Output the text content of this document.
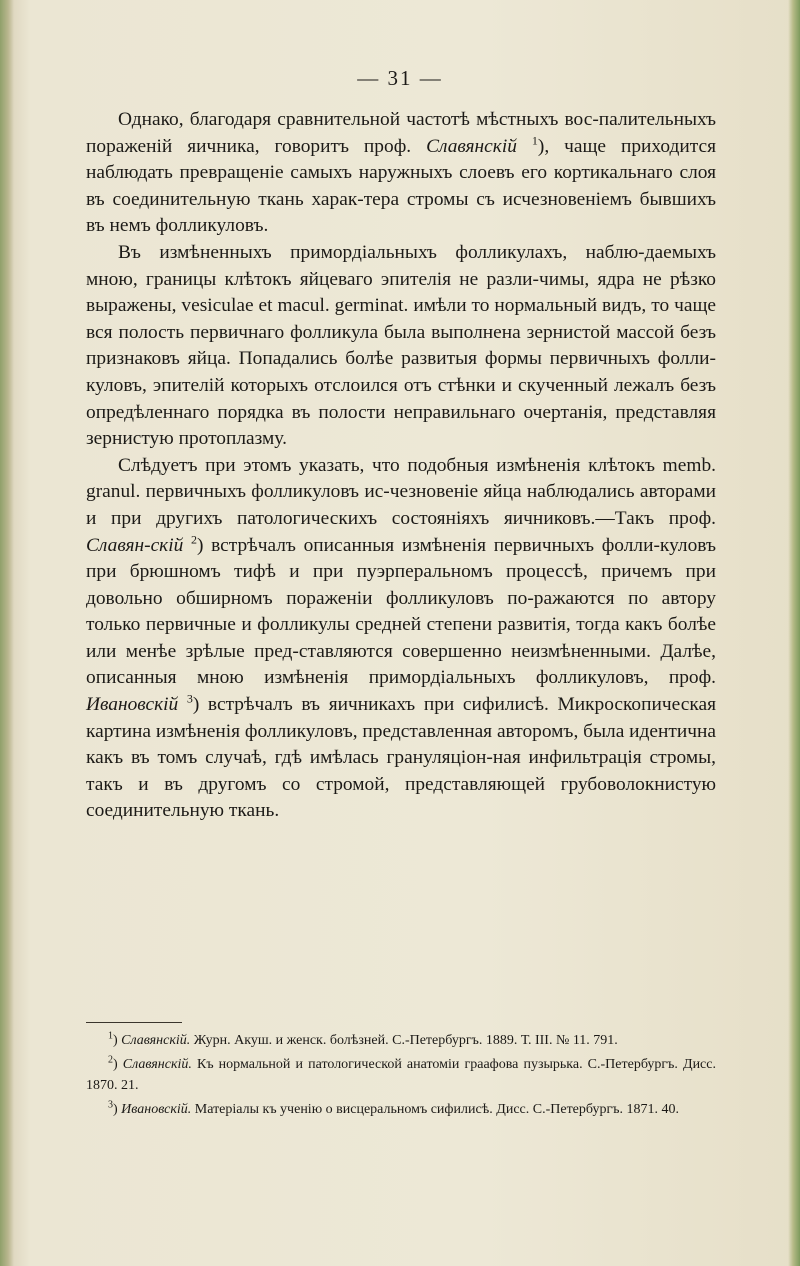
— 31 —

Однако, благодаря сравнительной частотѣ мѣстныхъ вос-палительныхъ пораженій яичника, говоритъ проф. Славянскій $^1$), чаще приходится наблюдать превращеніе самыхъ наружныхъ слоевъ его кортикальнаго слоя въ соединительную ткань харак-тера стромы съ исчезновеніемъ бывшихъ въ немъ фолликуловъ.

Въ измѣненныхъ примордіальныхъ фолликулахъ, наблю-даемыхъ мною, границы клѣтокъ яйцеваго эпителія не разли-чимы, ядра не рѣзко выражены, vesiculae et macul. germinat. имѣли то нормальный видъ, то чаще вся полость первичнаго фолликула была выполнена зернистой массой безъ признаковъ яйца. Попадались болѣе развитыя формы первичныхъ фолли-куловъ, эпителій которыхъ отслоился отъ стѣнки и скученный лежалъ безъ опредѣленнаго порядка въ полости неправильнаго очертанія, представляя зернистую протоплазму.

Слѣдуетъ при этомъ указать, что подобныя измѣненія клѣтокъ memb. granul. первичныхъ фолликуловъ ис-чезновеніе яйца наблюдались авторами и при другихъ патологическихъ состояніяхъ яичниковъ.—Такъ проф. Славян-скій $^2$) встрѣчалъ описанныя измѣненія первичныхъ фолли-куловъ при брюшномъ тифѣ и при пуэрперальномъ процессѣ, причемъ при довольно обширномъ пораженіи фолликуловъ по-ражаются по автору только первичные и фолликулы средней степени развитія, тогда какъ болѣе или менѣе зрѣлые пред-ставляются совершенно неизмѣненными. Далѣе, описанныя мною измѣненія примордіальныхъ фолликуловъ, проф. Ивановскій $^3$) встрѣчалъ въ яичникахъ при сифилисѣ. Микроскопическая картина измѣненія фолликуловъ, представленная авторомъ, была идентична какъ въ томъ случаѣ, гдѣ имѣлась грануляціон-ная инфильтрація стромы, такъ и въ другомъ со стромой, представляющей грубоволокнистую соединительную ткань.

$^1$) Славянскій. Журн. Акуш. и женск. болѣзней. С.-Петербургъ. 1889. Т. III. № 11. 791.

$^2$) Славянскій. Къ нормальной и патологической анатоміи граафова пузырька. С.-Петербургъ. Дисс. 1870. 21.

$^3$) Ивановскій. Матеріалы къ ученію о висцеральномъ сифилисѣ. Дисс. С.-Петербургъ. 1871. 40.
